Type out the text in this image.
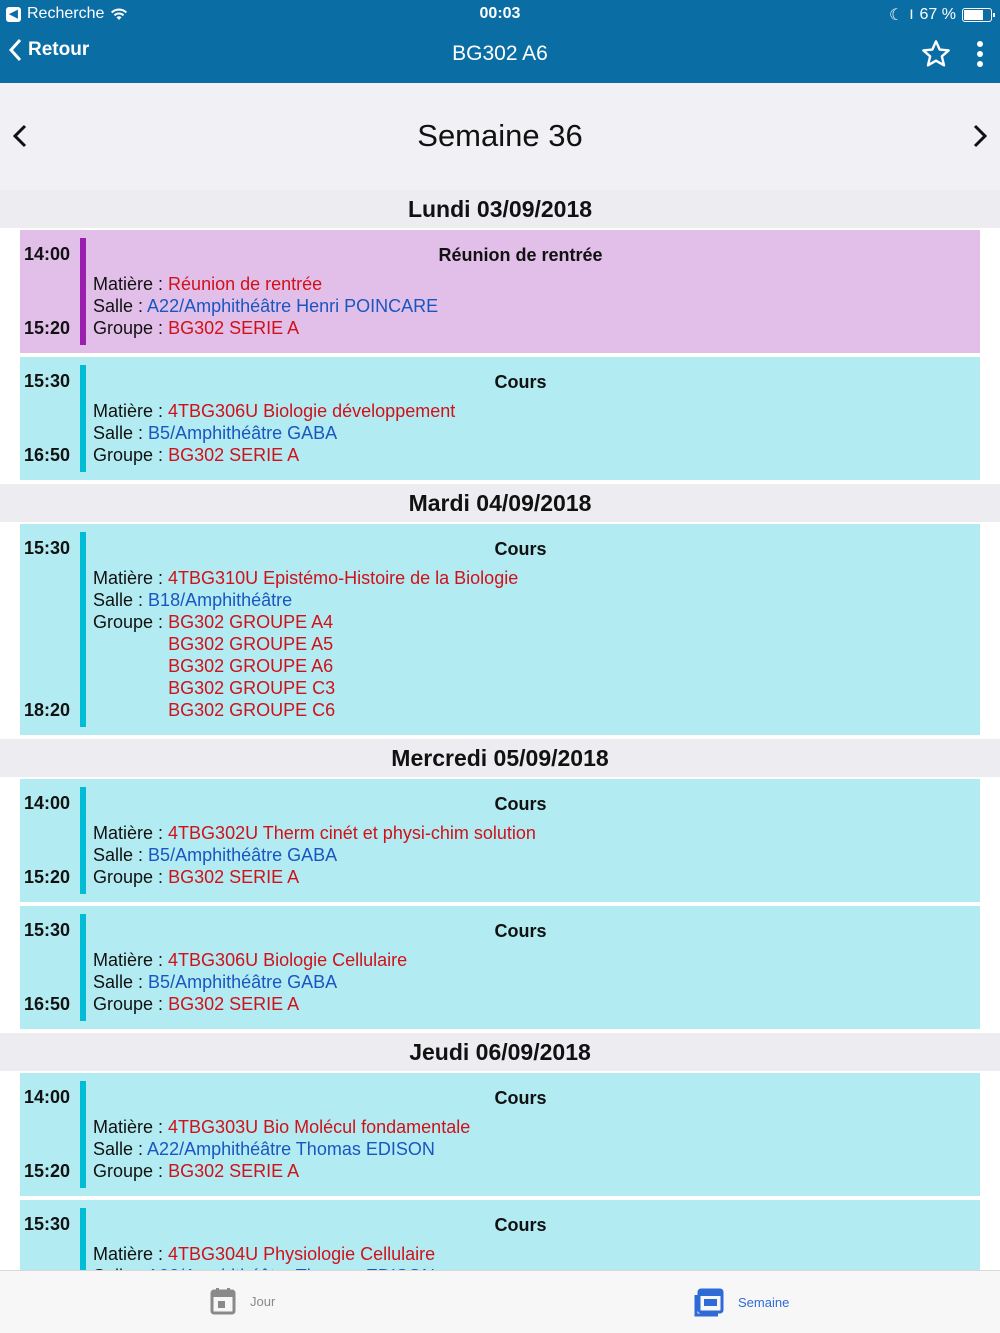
◀ Recherche	00:03	☾ ו 67 %
Retour	BG302 A6
Semaine 36
Lundi 03/09/2018
14:00
15:20
Réunion de rentrée
Matière : Réunion de rentrée
Salle : A22/Amphithéâtre Henri POINCARE
Groupe :
BG302 SERIE A
15:30
16:50
Cours
Matière : 4TBG306U Biologie développement
Salle : B5/Amphithéâtre GABA
Groupe :
BG302 SERIE A
Mardi 04/09/2018
15:30
18:20
Cours
Matière : 4TBG310U Epistémo-Histoire de la Biologie
Salle : B18/Amphithéâtre
Groupe :
BG302 GROUPE A4
BG302 GROUPE A5
BG302 GROUPE A6
BG302 GROUPE C3
BG302 GROUPE C6
Mercredi 05/09/2018
14:00
15:20
Cours
Matière : 4TBG302U Therm cinét et physi-chim solution
Salle : B5/Amphithéâtre GABA
Groupe :
BG302 SERIE A
15:30
16:50
Cours
Matière : 4TBG306U Biologie Cellulaire
Salle : B5/Amphithéâtre GABA
Groupe :
BG302 SERIE A
Jeudi 06/09/2018
14:00
15:20
Cours
Matière : 4TBG303U Bio Molécul fondamentale
Salle : A22/Amphithéâtre Thomas EDISON
Groupe :
BG302 SERIE A
15:30	Cours
Matière : 4TBG304U Physiologie Cellulaire
Jour	Semaine
